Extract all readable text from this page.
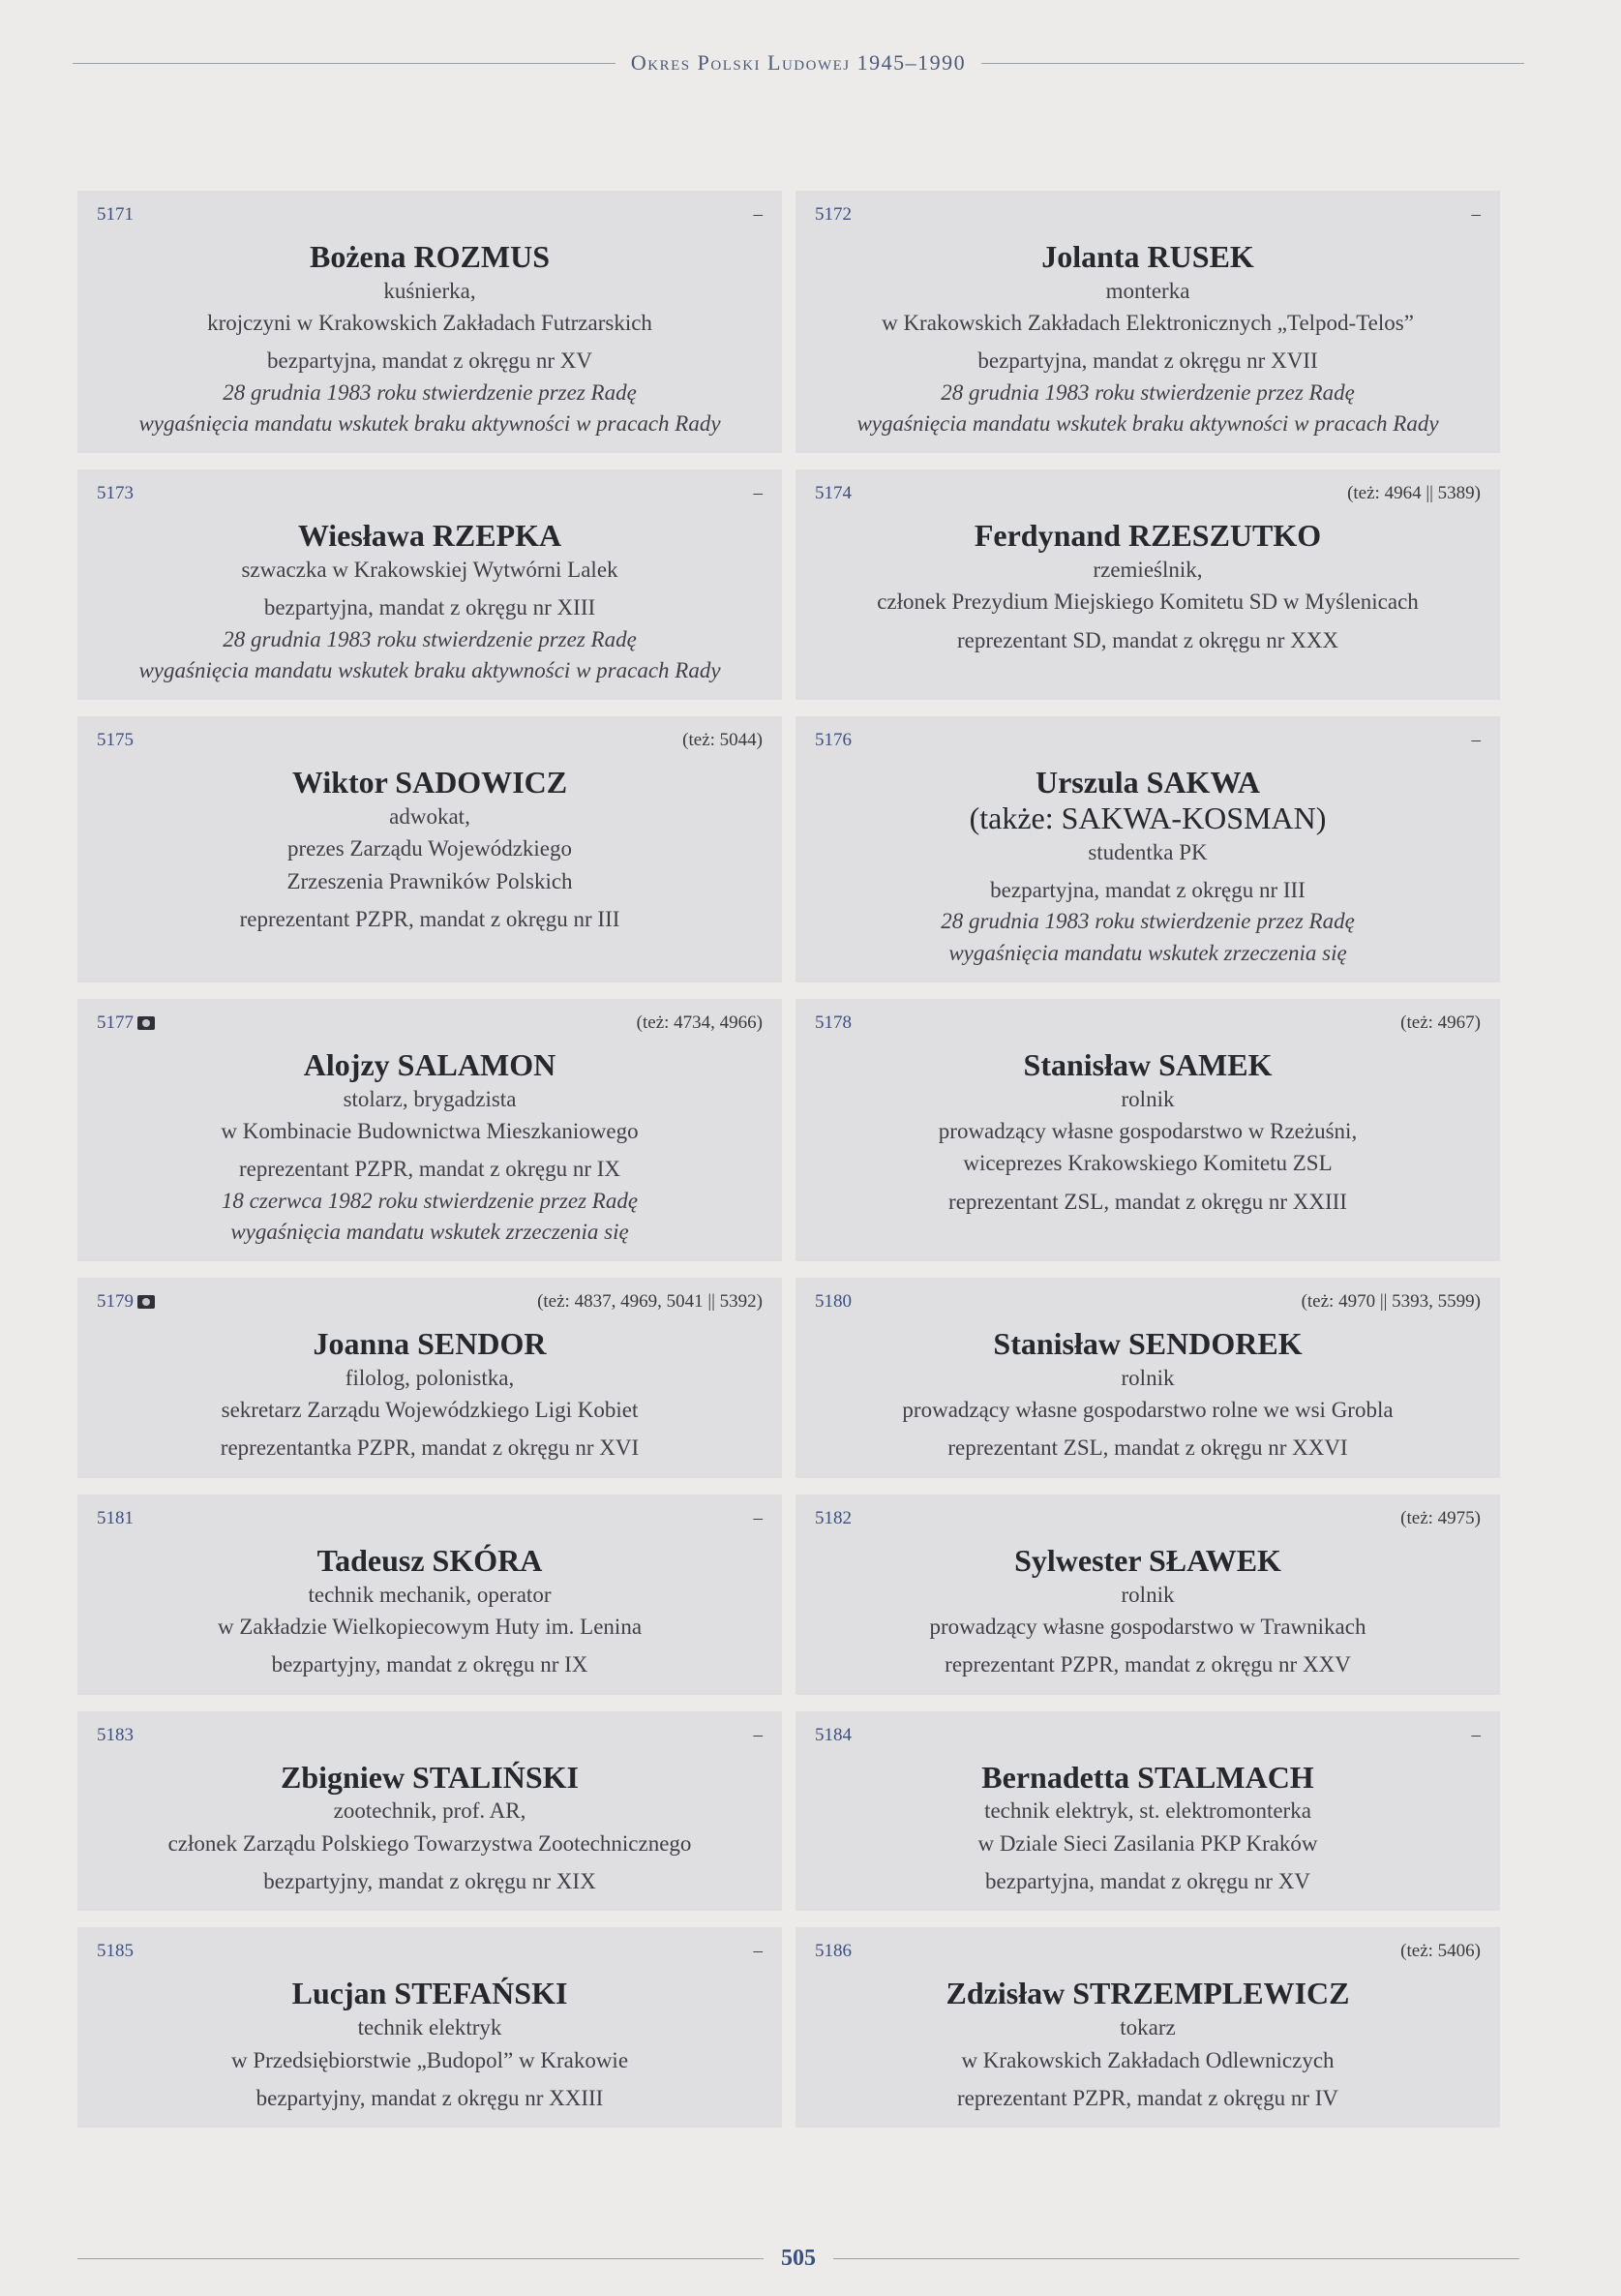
Okres Polski Ludowej 1945–1990
5171	–
Bożena ROZMUS
kuśnierka,
krojczyni w Krakowskich Zakładach Futrzarskich
bezpartyjna, mandat z okręgu nr XV
28 grudnia 1983 roku stwierdzenie przez Radę
wygaśnięcia mandatu wskutek braku aktywności w pracach Rady
5172	–
Jolanta RUSEK
monterka
w Krakowskich Zakładach Elektronicznych „Telpod-Telos”
bezpartyjna, mandat z okręgu nr XVII
28 grudnia 1983 roku stwierdzenie przez Radę
wygaśnięcia mandatu wskutek braku aktywności w pracach Rady
5173	–
Wiesława RZEPKA
szwaczka w Krakowskiej Wytwórni Lalek
bezpartyjna, mandat z okręgu nr XIII
28 grudnia 1983 roku stwierdzenie przez Radę
wygaśnięcia mandatu wskutek braku aktywności w pracach Rady
5174	(też: 4964 || 5389)
Ferdynand RZESZUTKO
rzemieślnik,
członek Prezydium Miejskiego Komitetu SD w Myślenicach
reprezentant SD, mandat z okręgu nr XXX
5175	(też: 5044)
Wiktor SADOWICZ
adwokat,
prezes Zarządu Wojewódzkiego
Zrzeszenia Prawników Polskich
reprezentant PZPR, mandat z okręgu nr III
5176	–
Urszula SAKWA
(także: SAKWA-KOSMAN)
studentka PK
bezpartyjna, mandat z okręgu nr III
28 grudnia 1983 roku stwierdzenie przez Radę
wygaśnięcia mandatu wskutek zrzeczenia się
5177	(też: 4734, 4966)
Alojzy SALAMON
stolarz, brygadzista
w Kombinacie Budownictwa Mieszkaniowego
reprezentant PZPR, mandat z okręgu nr IX
18 czerwca 1982 roku stwierdzenie przez Radę
wygaśnięcia mandatu wskutek zrzeczenia się
5178	(też: 4967)
Stanisław SAMEK
rolnik
prowadzący własne gospodarstwo w Rzeżuśni,
wiceprezes Krakowskiego Komitetu ZSL
reprezentant ZSL, mandat z okręgu nr XXIII
5179	(też: 4837, 4969, 5041 || 5392)
Joanna SENDOR
filolog, polonistka,
sekretarz Zarządu Wojewódzkiego Ligi Kobiet
reprezentantka PZPR, mandat z okręgu nr XVI
5180	(też: 4970 || 5393, 5599)
Stanisław SENDOREK
rolnik
prowadzący własne gospodarstwo rolne we wsi Grobla
reprezentant ZSL, mandat z okręgu nr XXVI
5181	–
Tadeusz SKÓRA
technik mechanik, operator
w Zakładzie Wielkopiecowym Huty im. Lenina
bezpartyjny, mandat z okręgu nr IX
5182	(też: 4975)
Sylwester SŁAWEK
rolnik
prowadzący własne gospodarstwo w Trawnikach
reprezentant PZPR, mandat z okręgu nr XXV
5183	–
Zbigniew STALIŃSKI
zootechnik, prof. AR,
członek Zarządu Polskiego Towarzystwa Zootechnicznego
bezpartyjny, mandat z okręgu nr XIX
5184	–
Bernadetta STALMACH
technik elektryk, st. elektromonterka
w Dziale Sieci Zasilania PKP Kraków
bezpartyjna, mandat z okręgu nr XV
5185	–
Lucjan STEFAŃSKI
technik elektryk
w Przedsiębiorstwie „Budopol” w Krakowie
bezpartyjny, mandat z okręgu nr XXIII
5186	(też: 5406)
Zdzisław STRZEMPLEWICZ
tokarz
w Krakowskich Zakładach Odlewniczych
reprezentant PZPR, mandat z okręgu nr IV
505
